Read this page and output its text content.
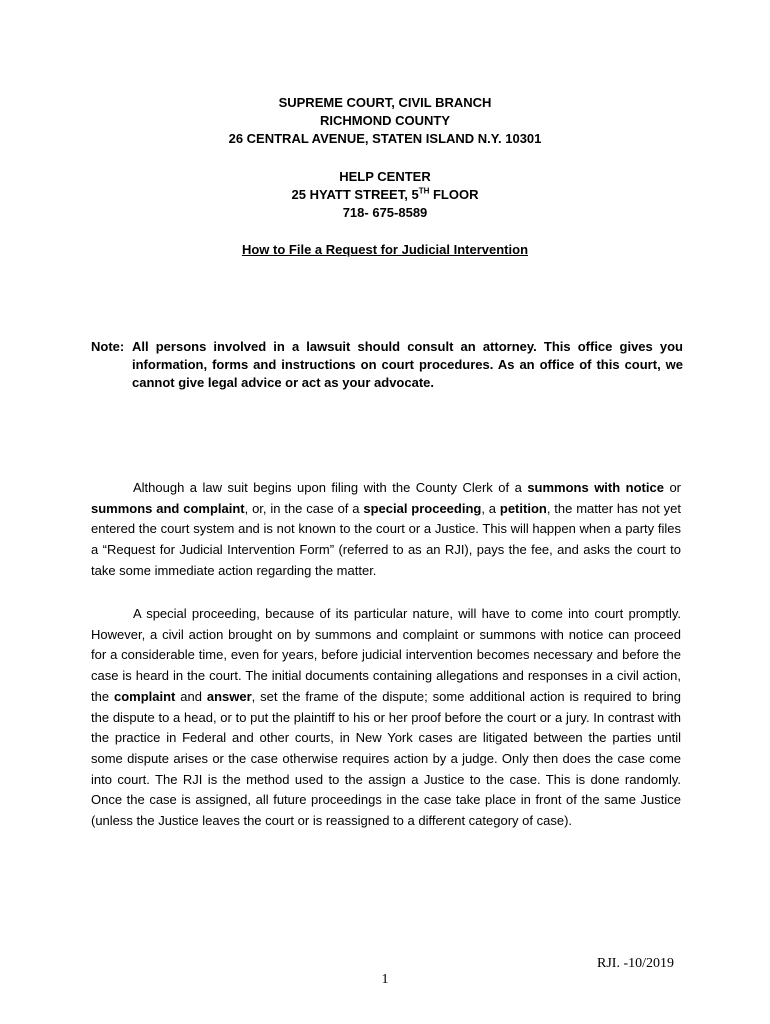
SUPREME COURT, CIVIL BRANCH
RICHMOND COUNTY
26 CENTRAL AVENUE, STATEN ISLAND N.Y. 10301
HELP CENTER
25 HYATT STREET, 5TH FLOOR
718- 675-8589
How to File a Request for Judicial Intervention
Note: All persons involved in a lawsuit should consult an attorney. This office gives you information, forms and instructions on court procedures. As an office of this court, we cannot give legal advice or act as your advocate.

Although a law suit begins upon filing with the County Clerk of a summons with notice or summons and complaint, or, in the case of a special proceeding, a petition, the matter has not yet entered the court system and is not known to the court or a Justice. This will happen when a party files a “Request for Judicial Intervention Form” (referred to as an RJI), pays the fee, and asks the court to take some immediate action regarding the matter.

A special proceeding, because of its particular nature, will have to come into court promptly. However, a civil action brought on by summons and complaint or summons with notice can proceed for a considerable time, even for years, before judicial intervention becomes necessary and before the case is heard in the court. The initial documents containing allegations and responses in a civil action, the complaint and answer, set the frame of the dispute; some additional action is required to bring the dispute to a head, or to put the plaintiff to his or her proof before the court or a jury. In contrast with the practice in Federal and other courts, in New York cases are litigated between the parties until some dispute arises or the case otherwise requires action by a judge. Only then does the case come into court. The RJI is the method used to the assign a Justice to the case. This is done randomly. Once the case is assigned, all future proceedings in the case take place in front of the same Justice (unless the Justice leaves the court or is reassigned to a different category of case).

RJI. -10/2019
1
